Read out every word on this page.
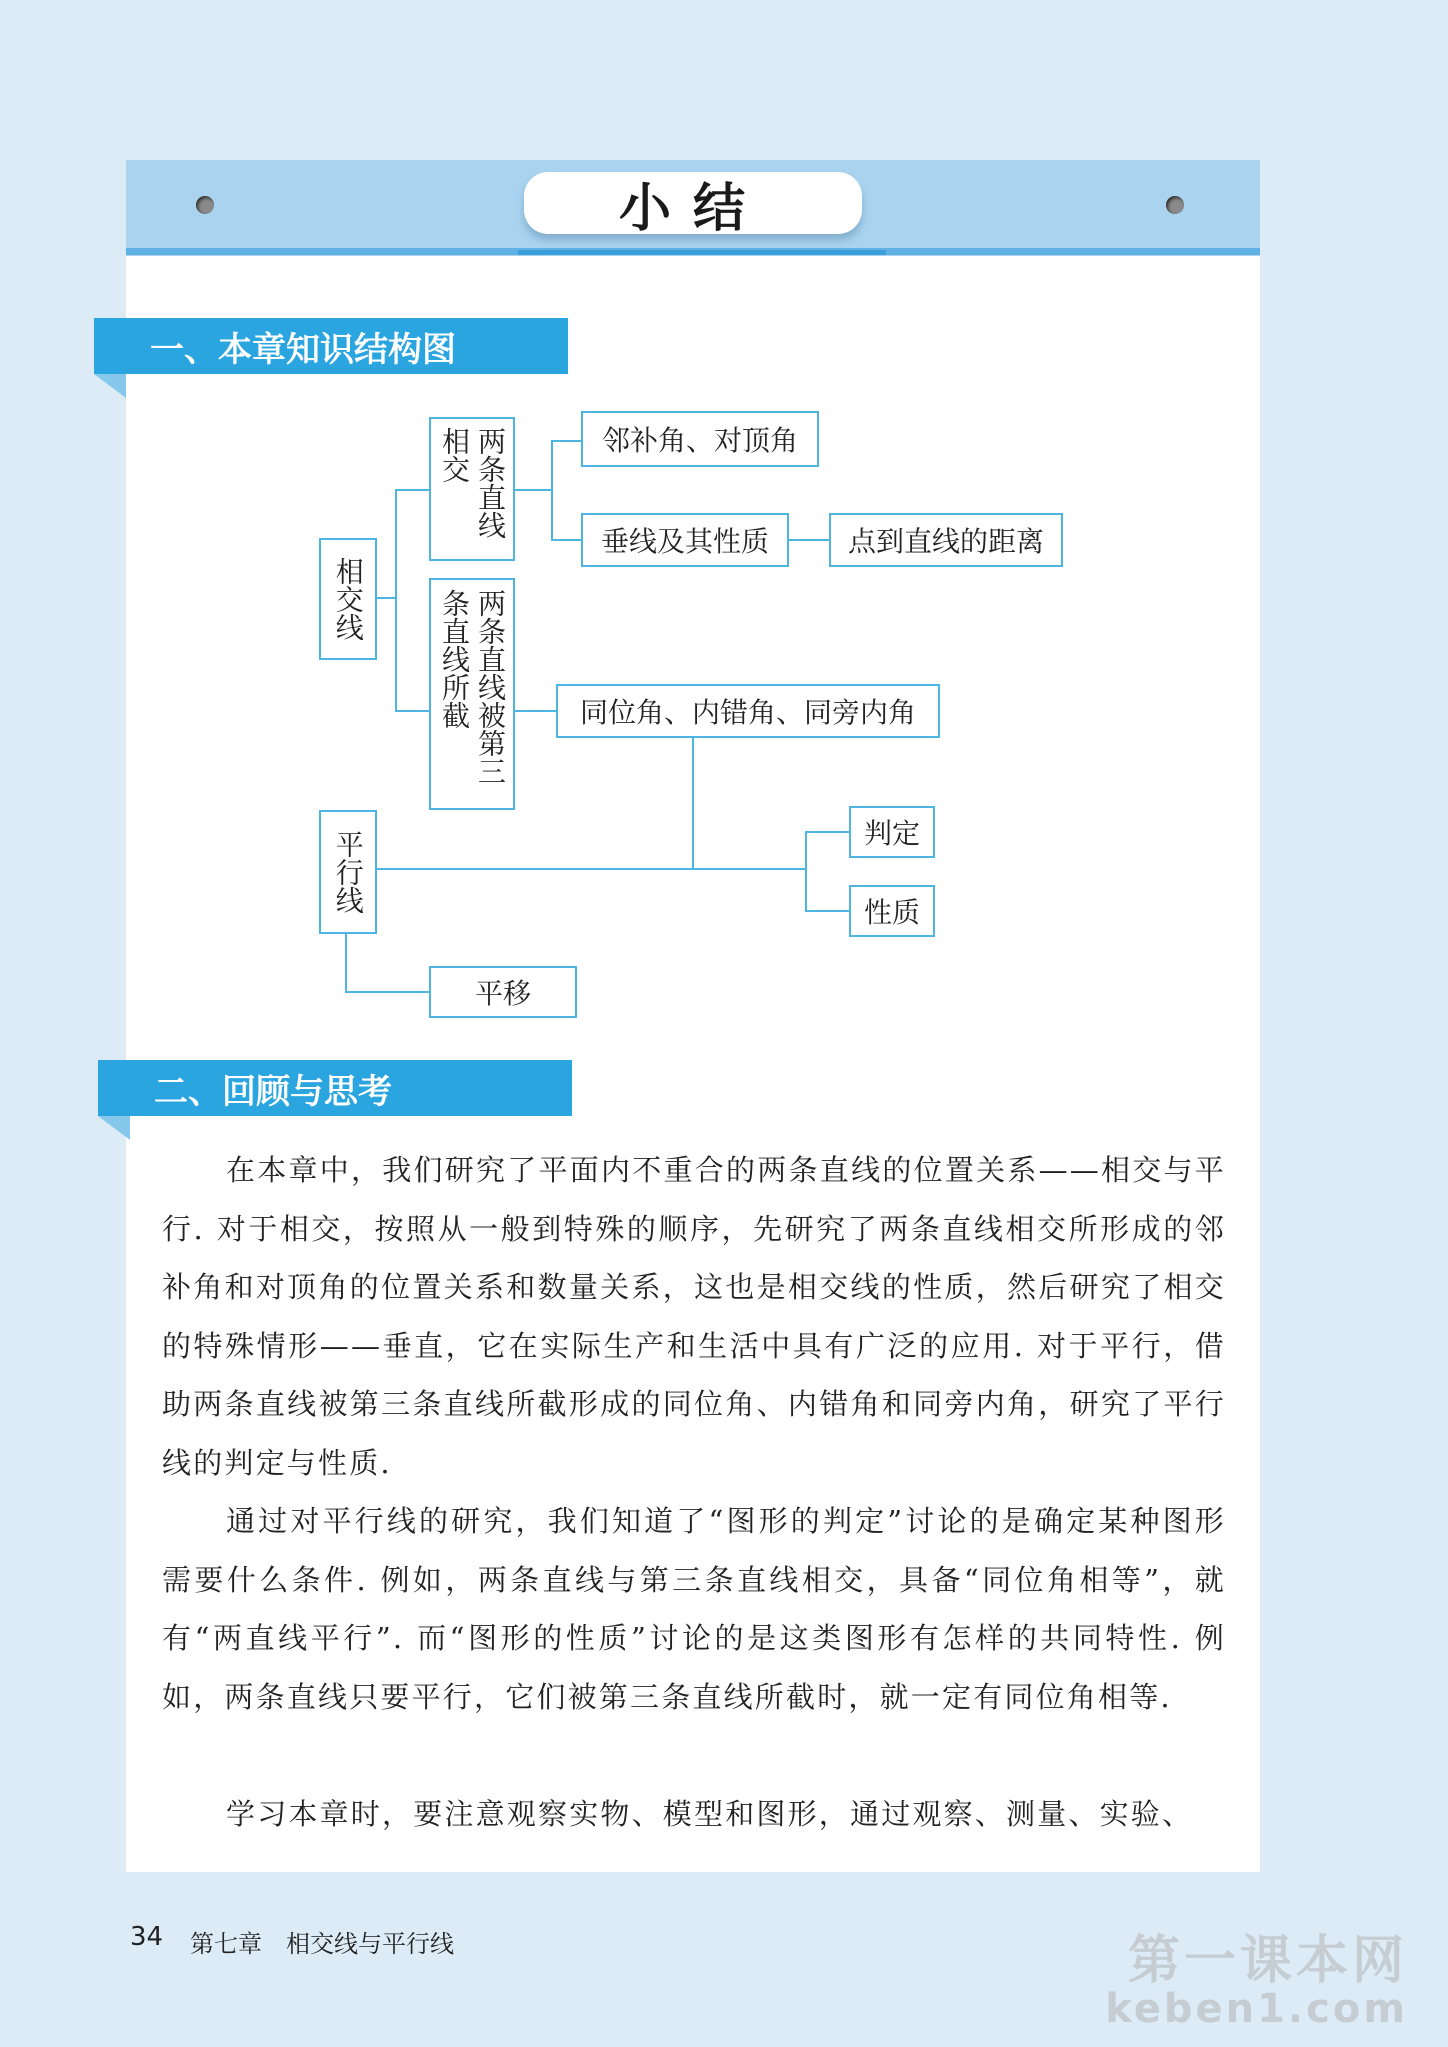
小结
一、本章知识结构图
相交线
两条直线相交	邻补角、对顶角
垂线及其性质	点到直线的距离
两条直线被第三条直线所截	同位角、内错角、同旁内角
平行线	判定
性质
平移
二、回顾与思考

在本章中，我们研究了平面内不重合的两条直线的位置关系——相交与平行. 对于相交，按照从一般到特殊的顺序，先研究了两条直线相交所形成的邻补角和对顶角的位置关系和数量关系，这也是相交线的性质，然后研究了相交的特殊情形——垂直，它在实际生产和生活中具有广泛的应用. 对于平行，借助两条直线被第三条直线所截形成的同位角、内错角和同旁内角，研究了平行线的判定与性质.

通过对平行线的研究，我们知道了“图形的判定”讨论的是确定某种图形需要什么条件. 例如，两条直线与第三条直线相交，具备“同位角相等”，就有“两直线平行”. 而“图形的性质”讨论的是这类图形有怎样的共同特性. 例如，两条直线只要平行，它们被第三条直线所截时，就一定有同位角相等.

学习本章时，要注意观察实物、模型和图形，通过观察、测量、实验、

34 第七章　相交线与平行线	第一课本网
keben1.com
